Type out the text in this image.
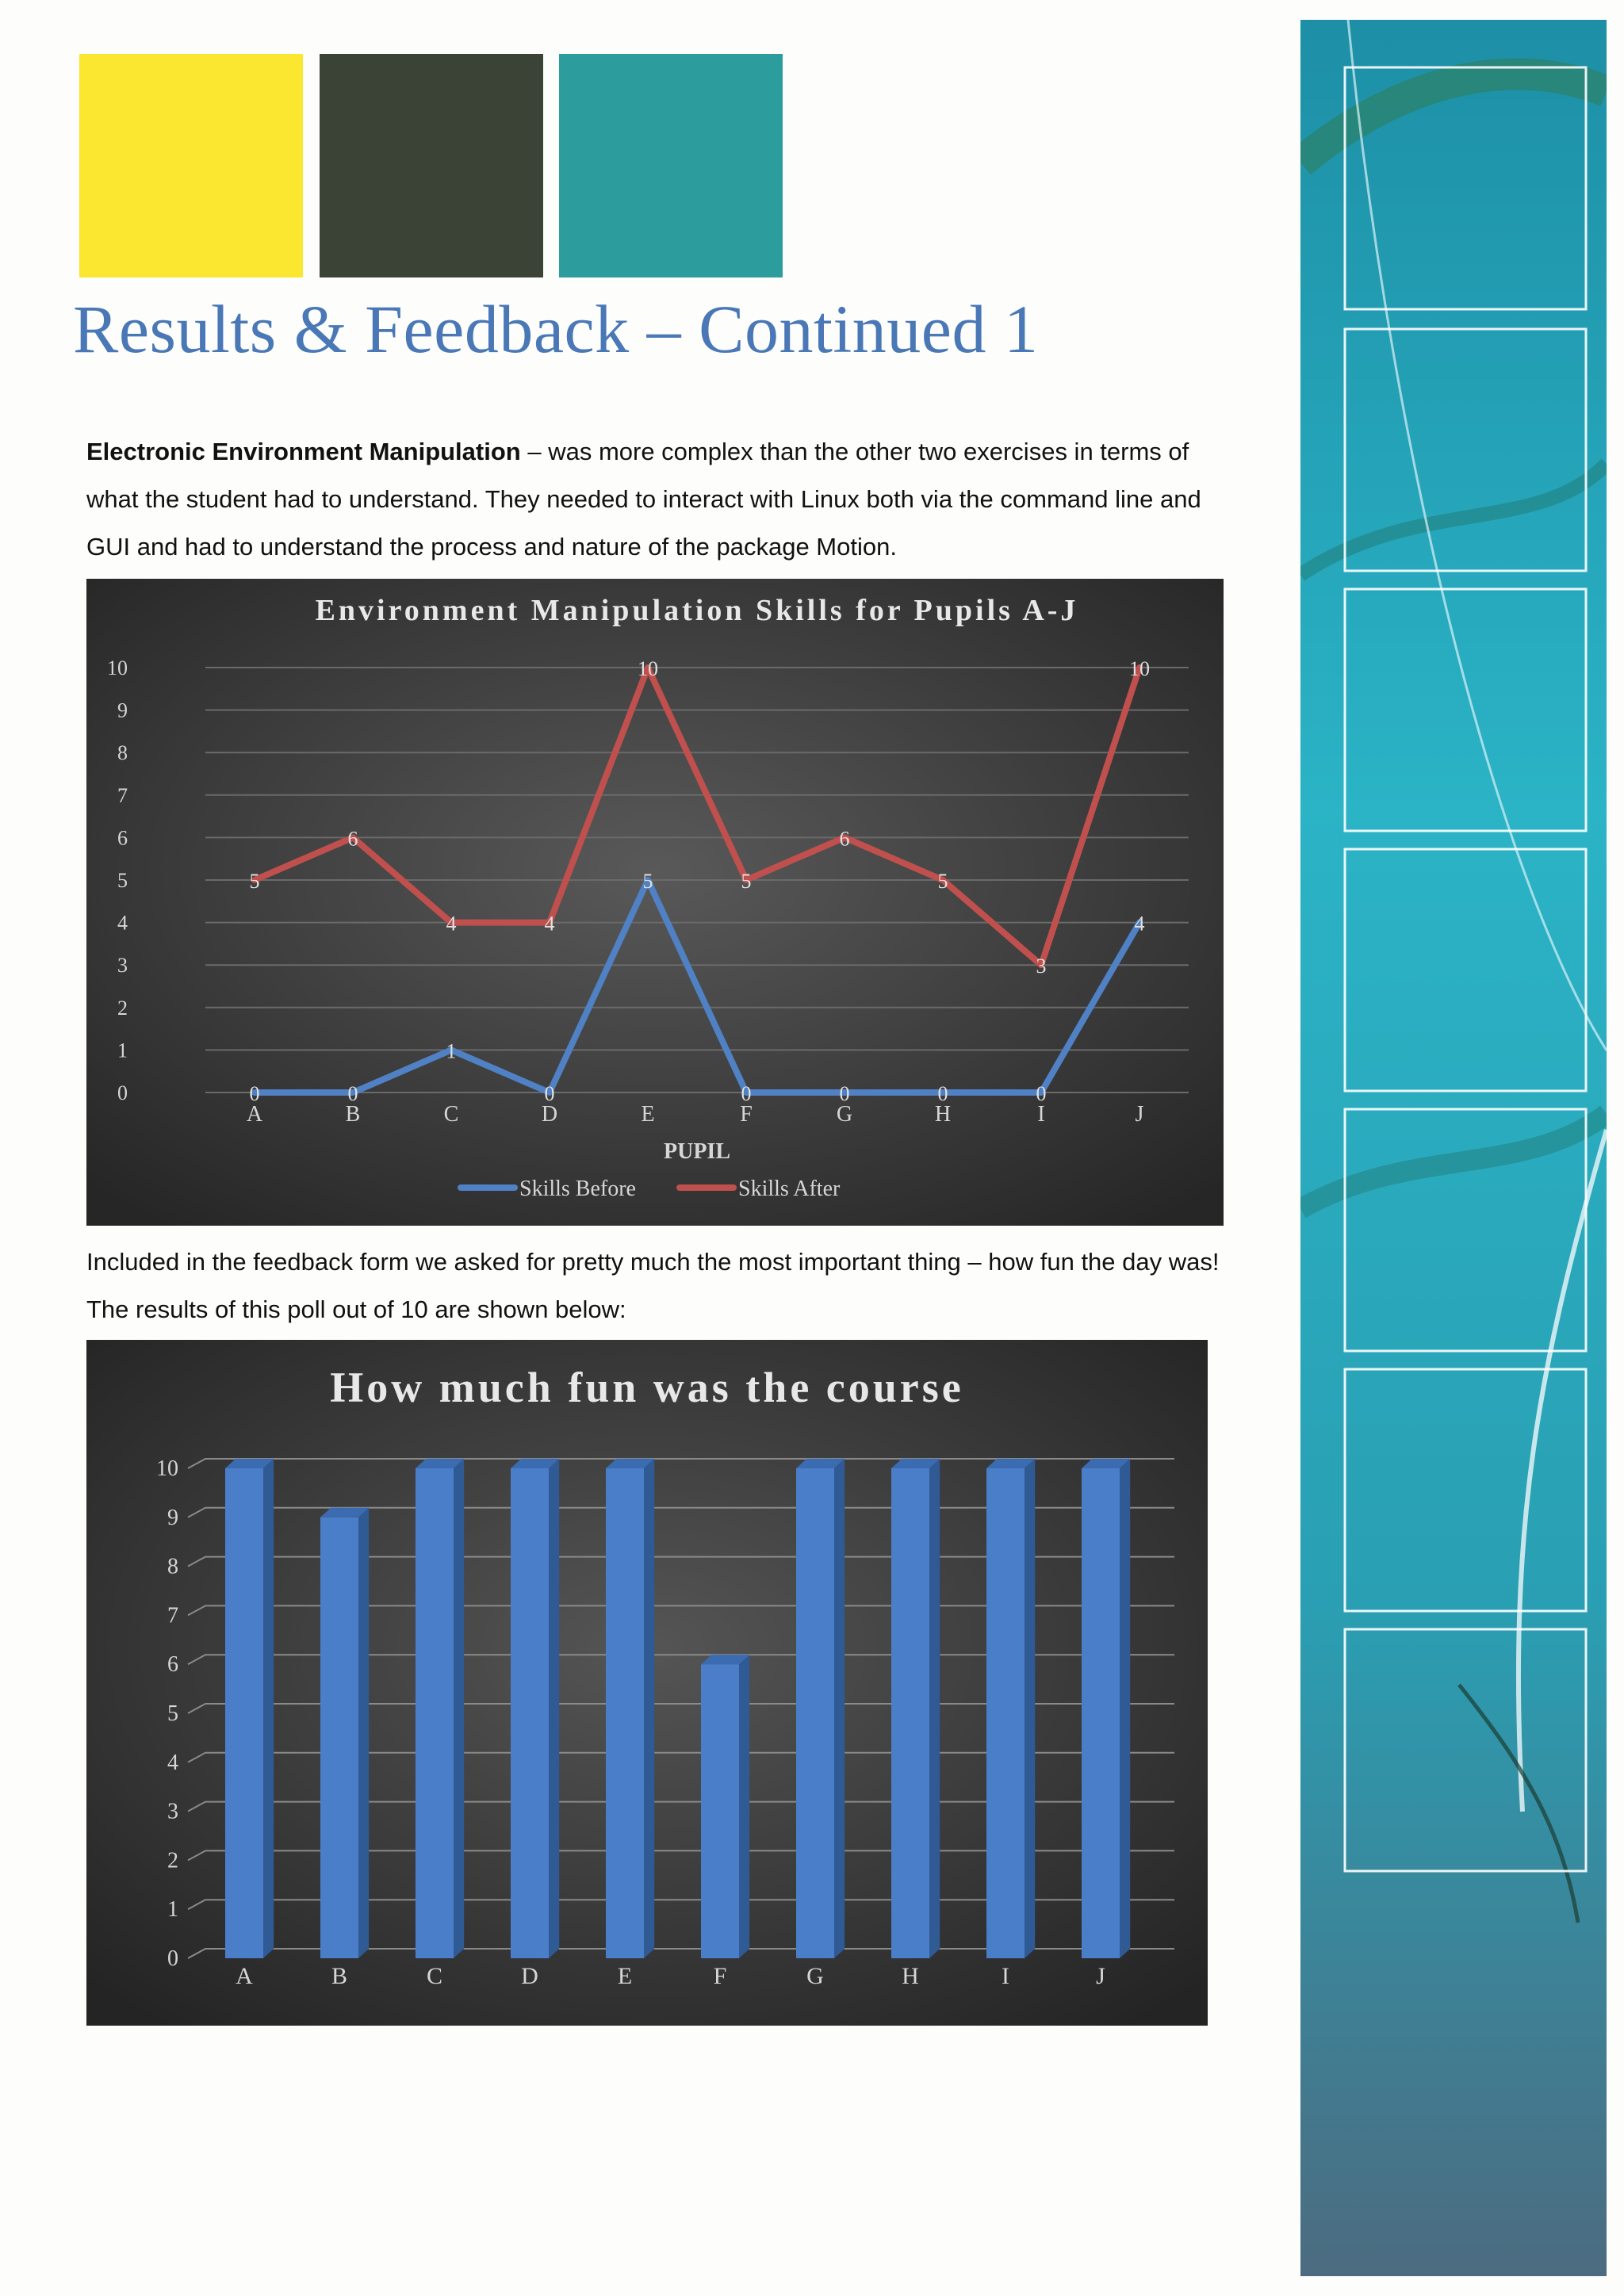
Results & Feedback – Continued 1

Electronic Environment Manipulation – was more complex than the other two exercises in terms of what the student had to understand. They needed to interact with Linux both via the command line and GUI and had to understand the process and nature of the package Motion.

Environment Manipulation Skills for Pupils A-J
0
1
2
3
4
5
6
7
8
9
10
A	B	C	D	E	F	G	H	I	J
PUPIL
0	0
1
0
5
0	0	0	0
4
5
6
4	4
10
5
6
5
3
10
Skills Before	Skills After

Included in the feedback form we asked for pretty much the most important thing – how fun the day was! The results of this poll out of 10 are shown below:

How much fun was the course
0
1
2
3
4
5
6
7
8
9
10
A	B	C	D	E	F	G	H	I	J
